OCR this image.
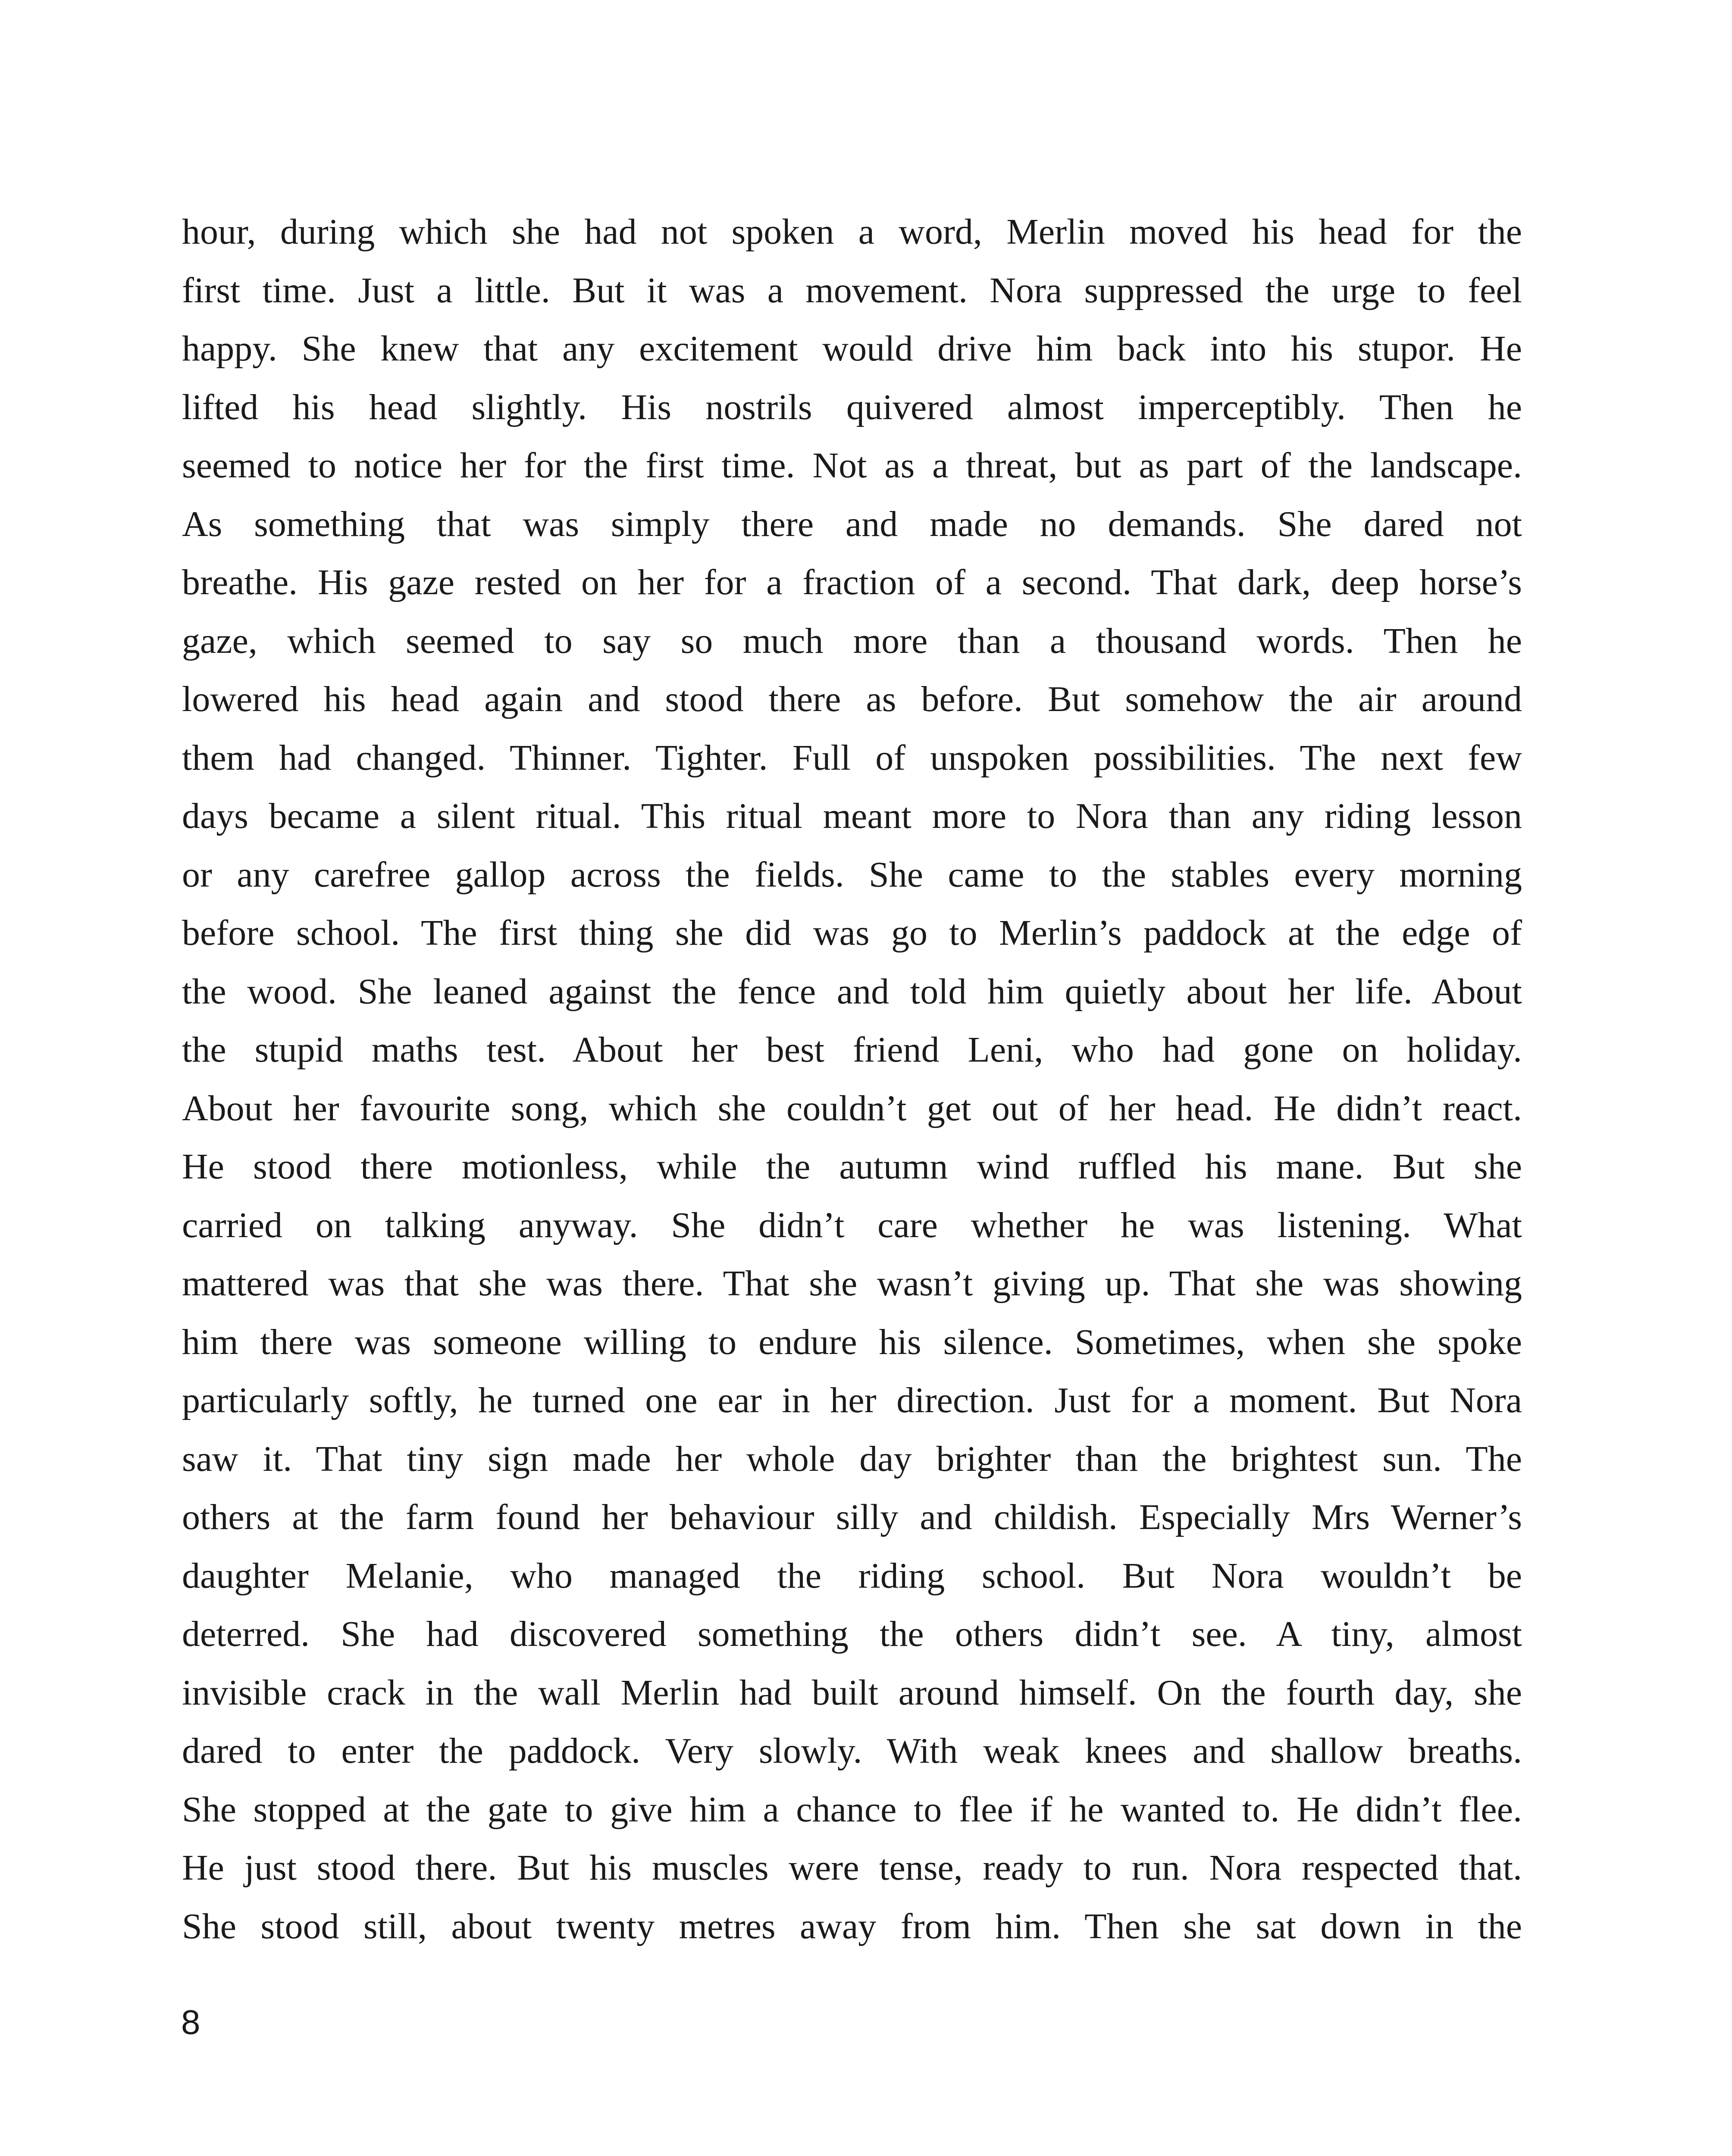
hour, during which she had not spoken a word, Merlin moved his head for the
first time. Just a little. But it was a movement. Nora suppressed the urge to feel
happy. She knew that any excitement would drive him back into his stupor. He
lifted his head slightly. His nostrils quivered almost imperceptibly. Then he
seemed to notice her for the first time. Not as a threat, but as part of the landscape.
As something that was simply there and made no demands. She dared not
breathe. His gaze rested on her for a fraction of a second. That dark, deep horse’s
gaze, which seemed to say so much more than a thousand words. Then he
lowered his head again and stood there as before. But somehow the air around
them had changed. Thinner. Tighter. Full of unspoken possibilities. The next few
days became a silent ritual. This ritual meant more to Nora than any riding lesson
or any carefree gallop across the fields. She came to the stables every morning
before school. The first thing she did was go to Merlin’s paddock at the edge of
the wood. She leaned against the fence and told him quietly about her life. About
the stupid maths test. About her best friend Leni, who had gone on holiday.
About her favourite song, which she couldn’t get out of her head. He didn’t react.
He stood there motionless, while the autumn wind ruffled his mane. But she
carried on talking anyway. She didn’t care whether he was listening. What
mattered was that she was there. That she wasn’t giving up. That she was showing
him there was someone willing to endure his silence. Sometimes, when she spoke
particularly softly, he turned one ear in her direction. Just for a moment. But Nora
saw it. That tiny sign made her whole day brighter than the brightest sun. The
others at the farm found her behaviour silly and childish. Especially Mrs Werner’s
daughter Melanie, who managed the riding school. But Nora wouldn’t be
deterred. She had discovered something the others didn’t see. A tiny, almost
invisible crack in the wall Merlin had built around himself. On the fourth day, she
dared to enter the paddock. Very slowly. With weak knees and shallow breaths.
She stopped at the gate to give him a chance to flee if he wanted to. He didn’t flee.
He just stood there. But his muscles were tense, ready to run. Nora respected that.
She stood still, about twenty metres away from him. Then she sat down in the
8
